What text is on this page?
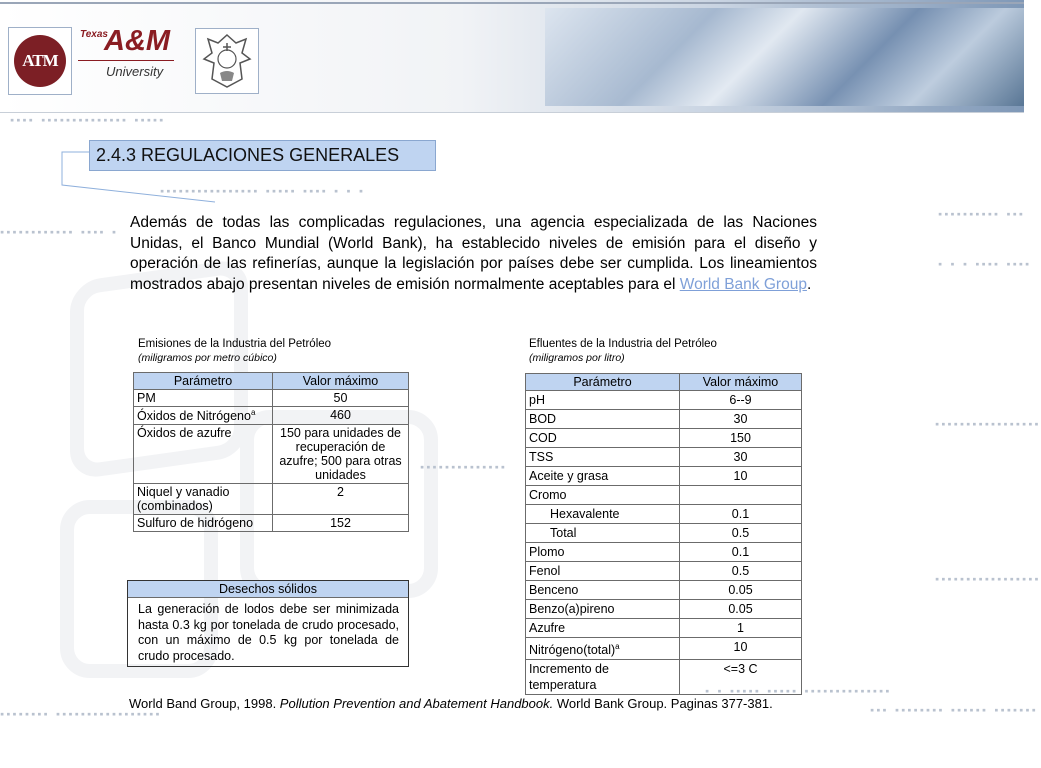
ATM
Texas
A&M
University
▪▪▪▪ ▪▪▪▪▪▪▪▪▪▪▪▪▪▪ ▪▪▪▪▪
▪▪▪▪▪▪▪▪▪▪▪▪▪▪▪▪ ▪▪▪▪▪ ▪▪▪▪ ▪ ▪ ▪
▪▪▪▪▪▪▪▪▪▪▪▪ ▪▪▪▪ ▪
▪▪▪▪▪▪▪▪▪▪ ▪▪▪
▪ ▪ ▪ ▪▪▪▪ ▪▪▪▪
▪▪▪▪▪▪▪▪▪▪▪▪▪▪▪▪▪
▪▪▪▪▪▪▪▪▪▪▪▪▪▪▪▪▪
▪▪▪ ▪▪▪▪▪▪▪▪ ▪▪▪▪▪▪ ▪▪▪▪▪▪▪
▪▪▪▪▪▪▪▪ ▪▪▪▪▪▪▪▪▪▪▪▪▪▪▪▪▪
▪▪▪▪▪▪▪▪▪▪▪▪▪▪
▪ ▪ ▪▪▪▪▪ ▪▪▪▪▪ ▪▪▪▪▪▪▪▪▪▪▪▪▪▪
2.4.3 REGULACIONES GENERALES
Además de todas las complicadas regulaciones, una agencia especializada de las Naciones Unidas, el Banco Mundial (World Bank), ha establecido niveles de emisión para el diseño y operación de las refinerías, aunque la legislación por países debe ser cumplida. Los lineamientos mostrados abajo presentan niveles de emisión normalmente aceptables para el World Bank Group.
Emisiones de la Industria del Petróleo
(miligramos por metro cúbico)
Parámetro	Valor máximo
PM	50
Óxidos de Nitrógeno$^a$	460
Óxidos de azufre	150 para unidades de recuperación de azufre; 500 para otras unidades
Niquel y vanadio (combinados)	2
Sulfuro de hidrógeno	152
Desechos sólidos
La generación de lodos debe ser minimizada hasta 0.3 kg por tonelada de crudo procesado, con un máximo de 0.5 kg por tonelada de crudo procesado.
Efluentes de la Industria del Petróleo
(miligramos por litro)
Parámetro	Valor máximo
pH	6--9
BOD	30
COD	150
TSS	30
Aceite y grasa	10
Cromo	
Hexavalente	0.1
Total	0.5
Plomo	0.1
Fenol	0.5
Benceno	0.05
Benzo(a)pireno	0.05
Azufre	1
Nitrógeno(total)$^a$	10
Incremento de temperatura	<=3 C
World Band Group, 1998. Pollution Prevention and Abatement Handbook. World Bank Group. Paginas 377-381.
